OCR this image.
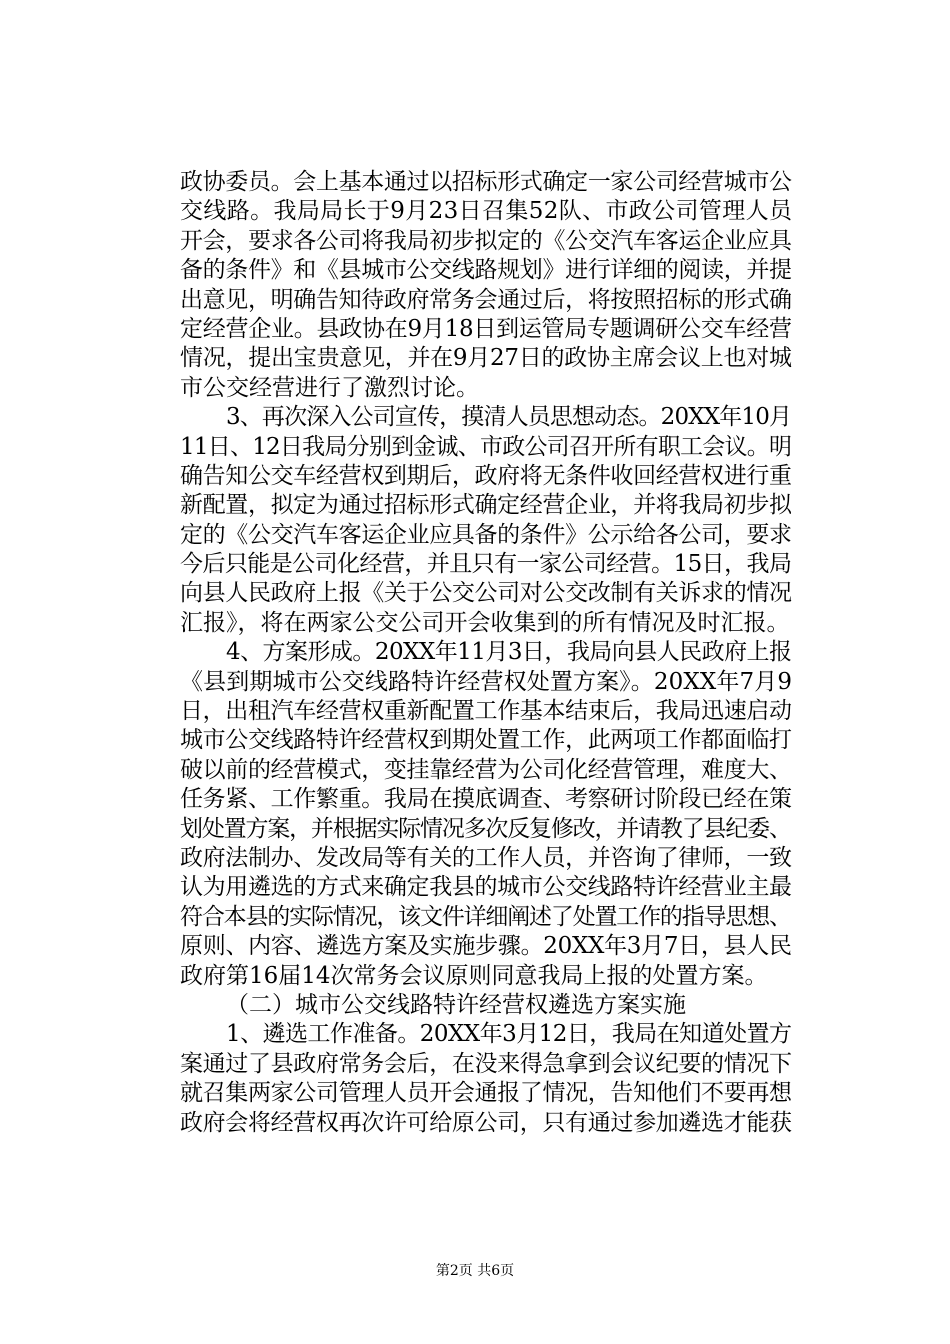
政协委员。会上基本通过以招标形式确定一家公司经营城市公
交线路。我局局长于9月23日召集52队、市政公司管理人员
开会，要求各公司将我局初步拟定的《公交汽车客运企业应具
备的条件》和《县城市公交线路规划》进行详细的阅读，并提
出意见，明确告知待政府常务会通过后，将按照招标的形式确
定经营企业。县政协在9月18日到运管局专题调研公交车经营
情况，提出宝贵意见，并在9月27日的政协主席会议上也对城
市公交经营进行了激烈讨论。
3、再次深入公司宣传，摸清人员思想动态。20XX年10月
11日、12日我局分别到金诚、市政公司召开所有职工会议。明
确告知公交车经营权到期后，政府将无条件收回经营权进行重
新配置，拟定为通过招标形式确定经营企业，并将我局初步拟
定的《公交汽车客运企业应具备的条件》公示给各公司，要求
今后只能是公司化经营，并且只有一家公司经营。15日，我局
向县人民政府上报《关于公交公司对公交改制有关诉求的情况
汇报》，将在两家公交公司开会收集到的所有情况及时汇报。
4、方案形成。20XX年11月3日，我局向县人民政府上报
《县到期城市公交线路特许经营权处置方案》。20XX年7月9
日，出租汽车经营权重新配置工作基本结束后，我局迅速启动
城市公交线路特许经营权到期处置工作，此两项工作都面临打
破以前的经营模式，变挂靠经营为公司化经营管理，难度大、
任务紧、工作繁重。我局在摸底调查、考察研讨阶段已经在策
划处置方案，并根据实际情况多次反复修改，并请教了县纪委、
政府法制办、发改局等有关的工作人员，并咨询了律师，一致
认为用遴选的方式来确定我县的城市公交线路特许经营业主最
符合本县的实际情况，该文件详细阐述了处置工作的指导思想、
原则、内容、遴选方案及实施步骤。20XX年3月7日，县人民
政府第16届14次常务会议原则同意我局上报的处置方案。
（二）城市公交线路特许经营权遴选方案实施
1、遴选工作准备。20XX年3月12日，我局在知道处置方
案通过了县政府常务会后，在没来得急拿到会议纪要的情况下
就召集两家公司管理人员开会通报了情况，告知他们不要再想
政府会将经营权再次许可给原公司，只有通过参加遴选才能获
第2页 共6页
